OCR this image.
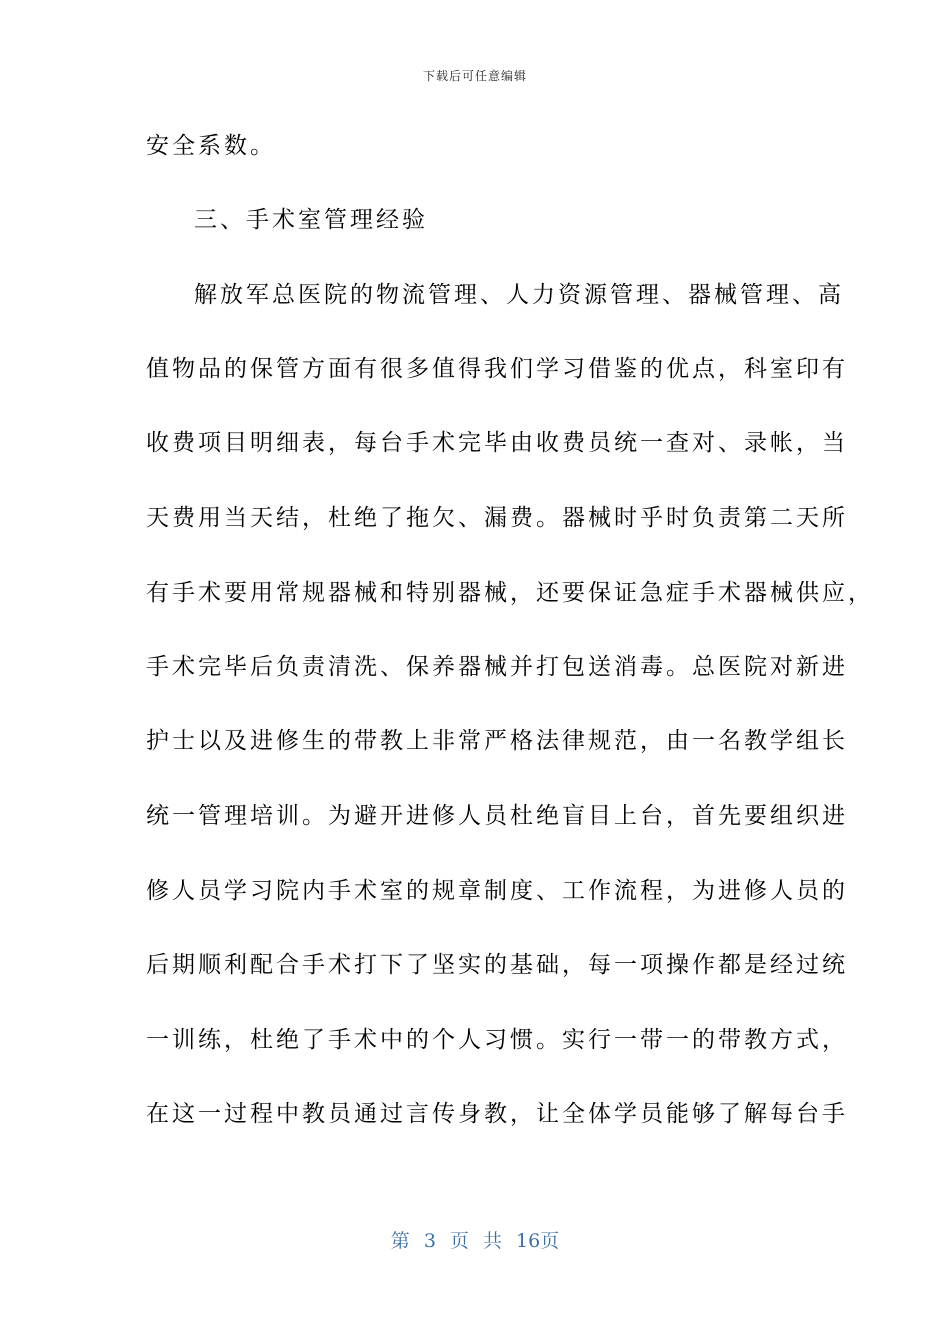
下载后可任意编辑
安全系数。
三、手术室管理经验
解放军总医院的物流管理、人力资源管理、器械管理、高
值物品的保管方面有很多值得我们学习借鉴的优点，科室印有
收费项目明细表，每台手术完毕由收费员统一查对、录帐，当
天费用当天结，杜绝了拖欠、漏费。器械时乎时负责第二天所
有手术要用常规器械和特别器械，还要保证急症手术器械供应，
手术完毕后负责清洗、保养器械并打包送消毒。总医院对新进
护士以及进修生的带教上非常严格法律规范，由一名教学组长
统一管理培训。为避开进修人员杜绝盲目上台，首先要组织进
修人员学习院内手术室的规章制度、工作流程，为进修人员的
后期顺利配合手术打下了坚实的基础，每一项操作都是经过统
一训练，杜绝了手术中的个人习惯。实行一带一的带教方式，
在这一过程中教员通过言传身教，让全体学员能够了解每台手
第 3 页 共 16页
